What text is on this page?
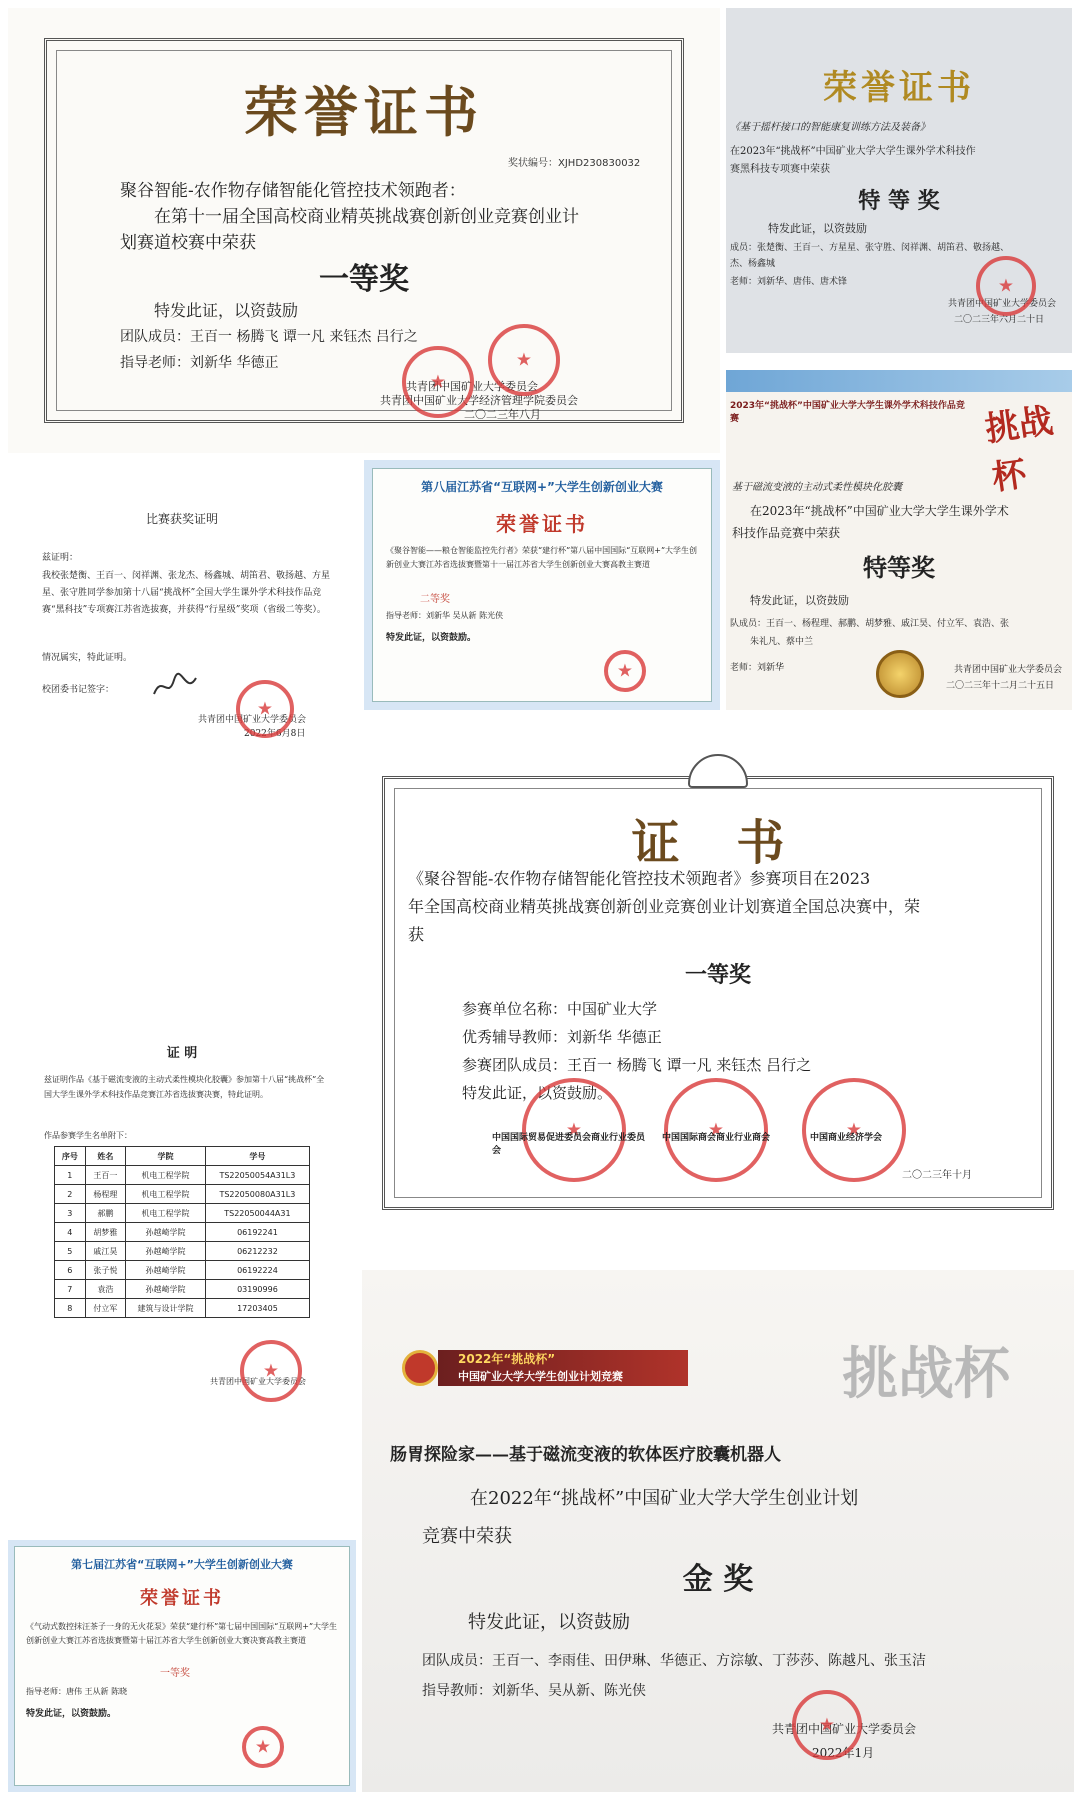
荣誉证书
奖状编号：XJHD230830032
聚谷智能-农作物存储智能化管控技术领跑者：
在第十一届全国高校商业精英挑战赛创新创业竞赛创业计
划赛道校赛中荣获
一等奖
特发此证，以资鼓励
团队成员：王百一 杨腾飞 谭一凡 来钰杰 吕行之
指导老师：刘新华 华德正
共青团中国矿业大学委员会
共青团中国矿业大学经济管理学院委员会
二〇二三年八月
★
★
荣誉证书
《基于摇杆接口的智能康复训练方法及装备》
在2023年“挑战杯”中国矿业大学大学生课外学术科技作
赛黑科技专项赛中荣获
特 等 奖
特发此证，以资鼓励
成员：张楚衡、王百一、方星星、张守胜、闵祥渊、胡笛君、敬扬越、
杰、杨鑫城
老师：刘新华、唐伟、唐术锋
共青团中国矿业大学委员会
二〇二三年六月二十日
★
比赛获奖证明
兹证明：
我校张楚衡、王百一、闵祥渊、张龙杰、杨鑫城、胡笛君、敬扬越、方星星、张守胜同学参加第十八届“挑战杯”全国大学生课外学术科技作品竞赛“黑科技”专项赛江苏省选拔赛，并获得“行星级”奖项（省级二等奖）。
情况属实，特此证明。
校团委书记签字：
共青团中国矿业大学委员会
2022年6月8日
★
第八届江苏省“互联网+”大学生创新创业大赛
荣誉证书
《聚谷智能——粮仓智能监控先行者》荣获“建行杯”第八届中国国际“互联网+”大学生创新创业大赛江苏省选拔赛暨第十一届江苏省大学生创新创业大赛高教主赛道
二等奖
指导老师：刘新华 吴从新 陈光侠
特发此证，以资鼓励。
★
2023年“挑战杯”中国矿业大学大学生课外学术科技作品竞赛	挑战杯
基于磁流变液的主动式柔性模块化胶囊
在2023年“挑战杯”中国矿业大学大学生课外学术
科技作品竞赛中荣获
特等奖
特发此证，以资鼓励
队成员：王百一、杨程理、郝鹏、胡梦雅、戚江昊、付立军、袁浩、张
朱礼凡、蔡中兰
老师：刘新华	共青团中国矿业大学委员会
二〇二三年十二月二十五日
证 书
《聚谷智能-农作物存储智能化管控技术领跑者》参赛项目在2023
年全国高校商业精英挑战赛创新创业竞赛创业计划赛道全国总决赛中，荣
获
一等奖
参赛单位名称：中国矿业大学
优秀辅导教师：刘新华 华德正
参赛团队成员：王百一 杨腾飞 谭一凡 来钰杰 吕行之
特发此证，以资鼓励。
★
★
★
中国国际贸易促进委员会商业行业委员会
中国国际商会商业行业商会	中国商业经济学会
二〇二三年十月
证 明
兹证明作品《基于磁流变液的主动式柔性模块化胶囊》参加第十八届“挑战杯”全国大学生课外学术科技作品竞赛江苏省选拔赛决赛，特此证明。
作品参赛学生名单附下：
序号	姓名	学院	学号
1	王百一	机电工程学院	TS22050054A31L3
2	杨程理	机电工程学院	TS22050080A31L3
3	郝鹏	机电工程学院	TS22050044A31
4	胡梦雅	孙越崎学院	06192241
5	戚江昊	孙越崎学院	06212232
6	张子悦	孙越崎学院	06192224
7	袁浩	孙越崎学院	03190996
8	付立军	建筑与设计学院	17203405
共青团中国矿业大学委员会
★
第七届江苏省“互联网+”大学生创新创业大赛
荣誉证书
《气动式数控抹汪茶子一身的无火花泵》荣获“建行杯”第七届中国国际“互联网+”大学生创新创业大赛江苏省选拔赛暨第十届江苏省大学生创新创业大赛决赛高教主赛道
一等奖
指导老师：唐伟 王从新 陈晓
特发此证，以资鼓励。
★
2022年“挑战杯”
中国矿业大学大学生创业计划竞赛	挑战杯
肠胃探险家——基于磁流变液的软体医疗胶囊机器人
在2022年“挑战杯”中国矿业大学大学生创业计划
竞赛中荣获
金 奖
特发此证，以资鼓励
团队成员：王百一、李雨佳、田伊琳、华德正、方淙敏、丁莎莎、陈越凡、张玉洁
指导教师：刘新华、吴从新、陈光侠
共青团中国矿业大学委员会
2022年1月
★
